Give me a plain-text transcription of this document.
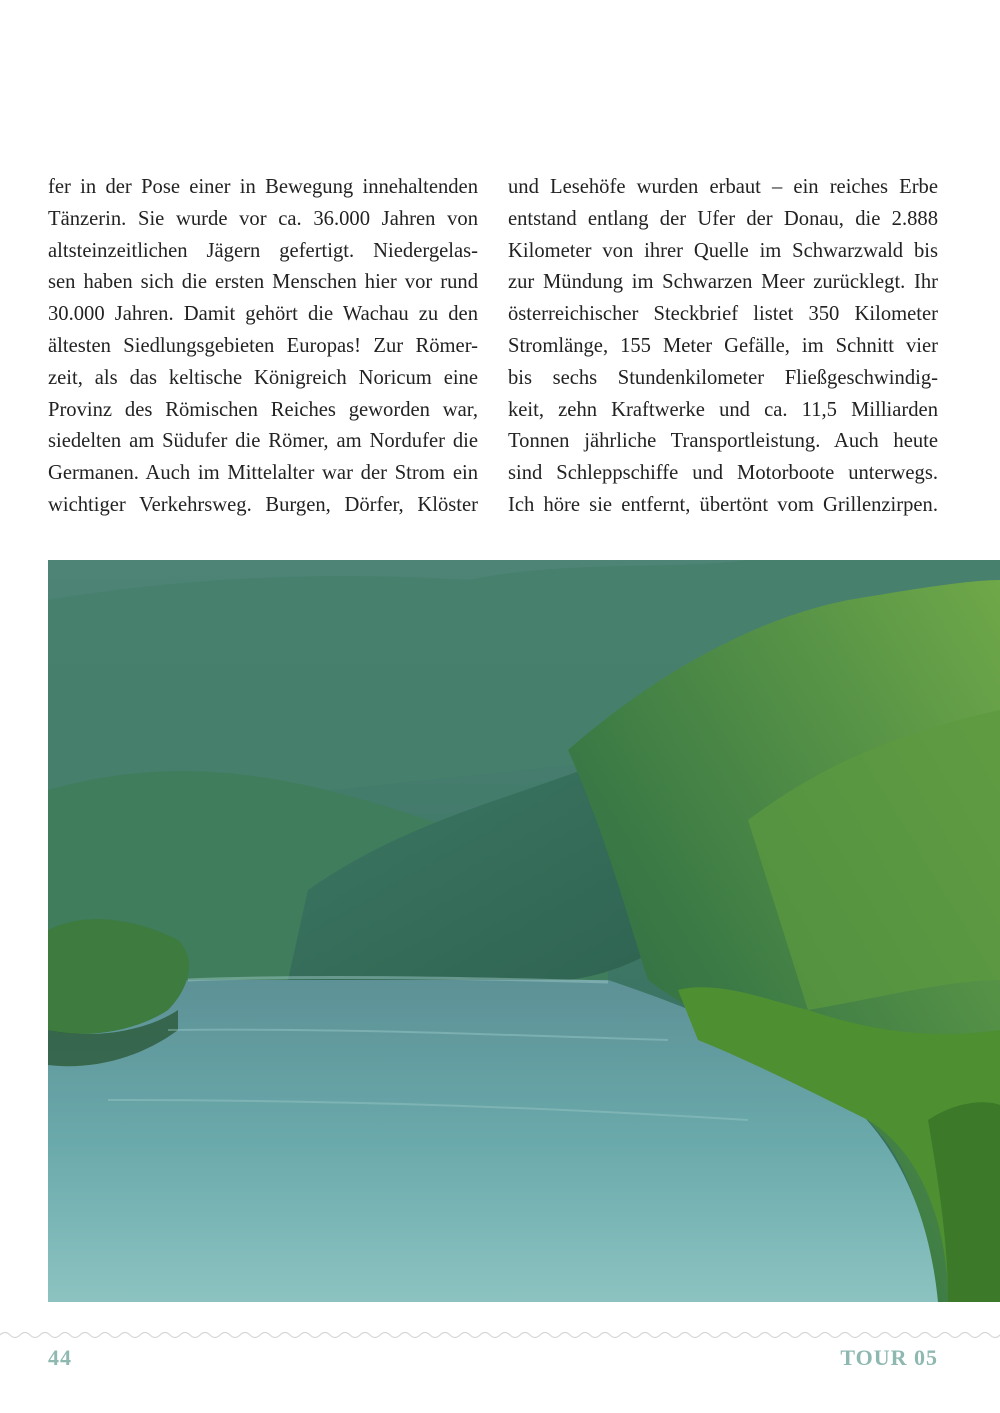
fer in der Pose einer in Bewegung innehaltenden
Tänzerin. Sie wurde vor ca. 36.000 Jahren von
altsteinzeitlichen Jägern gefertigt. Niedergelas-
sen haben sich die ersten Menschen hier vor rund
30.000 Jahren. Damit gehört die Wachau zu den
ältesten Siedlungsgebieten Europas! Zur Römer-
zeit, als das keltische Königreich Noricum eine
Provinz des Römischen Reiches geworden war,
siedelten am Südufer die Römer, am Nordufer die
Germanen. Auch im Mittelalter war der Strom ein
wichtiger Verkehrsweg. Burgen, Dörfer, Klöster
und Lesehöfe wurden erbaut – ein reiches Erbe
entstand entlang der Ufer der Donau, die 2.888
Kilometer von ihrer Quelle im Schwarzwald bis
zur Mündung im Schwarzen Meer zurücklegt. Ihr
österreichischer Steckbrief listet 350 Kilometer
Stromlänge, 155 Meter Gefälle, im Schnitt vier
bis sechs Stundenkilometer Fließgeschwindig-
keit, zehn Kraftwerke und ca. 11,5 Milliarden
Tonnen jährliche Transportleistung. Auch heute
sind Schleppschiffe und Motorboote unterwegs.
Ich höre sie entfernt, übertönt vom Grillenzirpen.
44	TOUR 05
